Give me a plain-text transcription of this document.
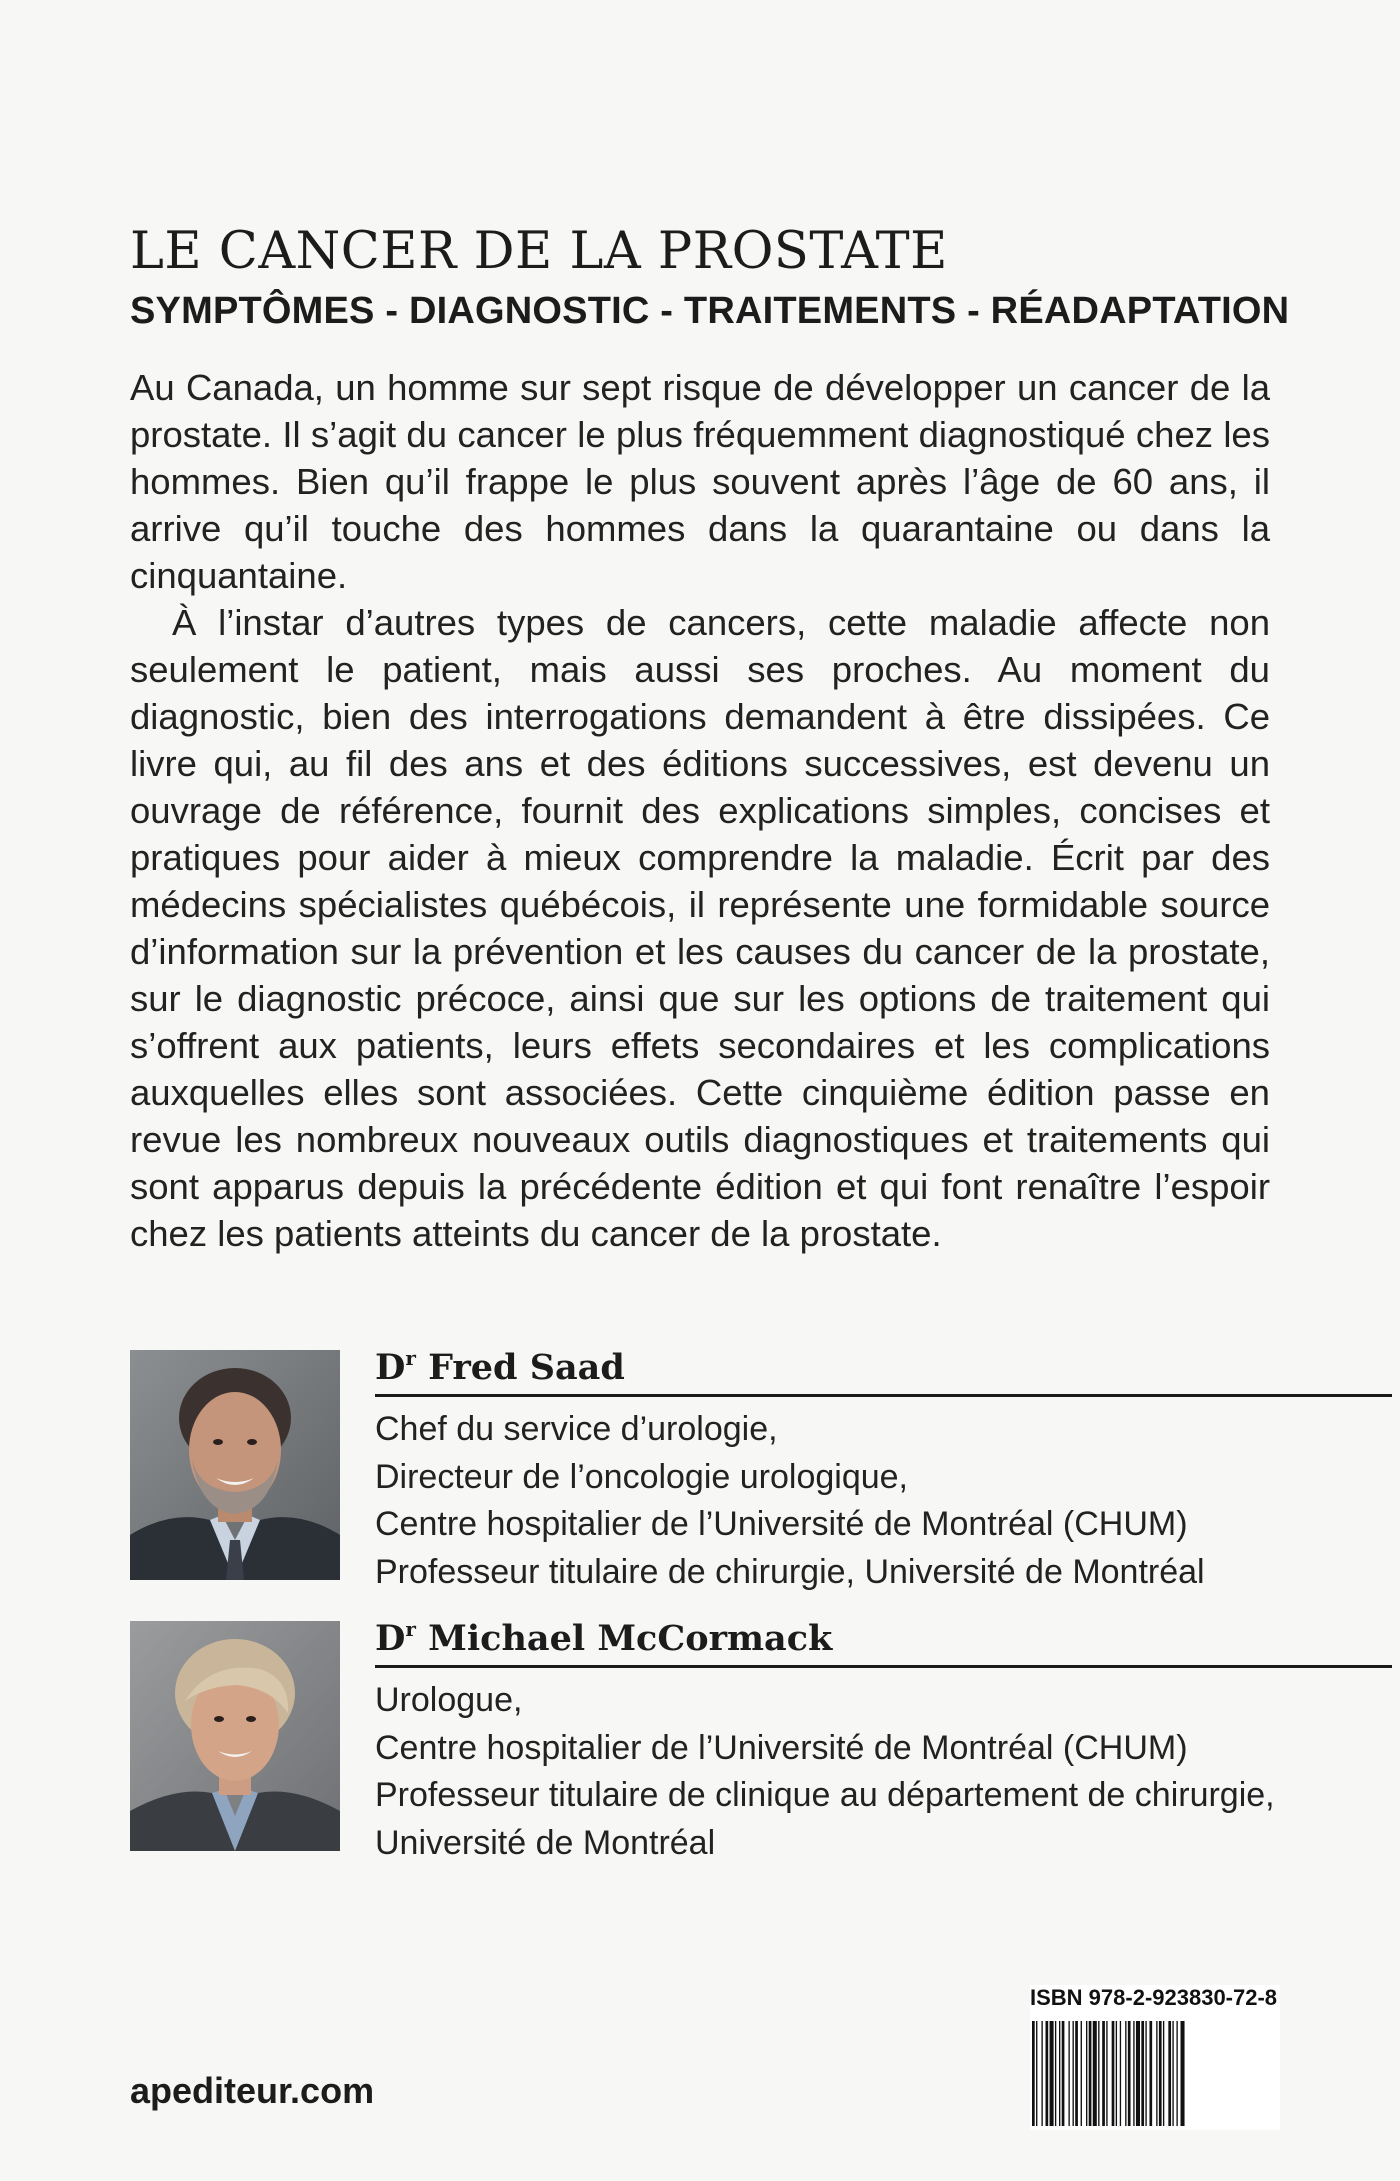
LE CANCER DE LA PROSTATE
SYMPTÔMES - DIAGNOSTIC - TRAITEMENTS - RÉADAPTATION

Au Canada, un homme sur sept risque de développer un cancer de la prostate. Il s’agit du cancer le plus fréquemment diagnostiqué chez les hommes. Bien qu’il frappe le plus souvent après l’âge de 60 ans, il arrive qu’il touche des hommes dans la quarantaine ou dans la cinquantaine.

À l’instar d’autres types de cancers, cette maladie affecte non seulement le patient, mais aussi ses proches. Au moment du diagnostic, bien des interrogations demandent à être dissipées. Ce livre qui, au fil des ans et des éditions successives, est devenu un ouvrage de référence, fournit des explications simples, concises et pratiques pour aider à mieux comprendre la maladie. Écrit par des médecins spécialistes québécois, il représente une formidable source d’information sur la prévention et les causes du cancer de la prostate, sur le diagnostic précoce, ainsi que sur les options de traitement qui s’offrent aux patients, leurs effets secondaires et les complications auxquelles elles sont associées. Cette cinquième édition passe en revue les nombreux nouveaux outils diagnostiques et traitements qui sont apparus depuis la précédente édition et qui font renaître l’espoir chez les patients atteints du cancer de la prostate.

$D^r$ Fred Saad
Chef du service d’urologie,
Directeur de l’oncologie urologique,
Centre hospitalier de l’Université de Montréal (CHUM)
Professeur titulaire de chirurgie, Université de Montréal
$D^r$ Michael McCormack
Urologue,
Centre hospitalier de l’Université de Montréal (CHUM)
Professeur titulaire de clinique au département de chirurgie,
Université de Montréal
apediteur.com
ISBN 978-2-923830-72-8
